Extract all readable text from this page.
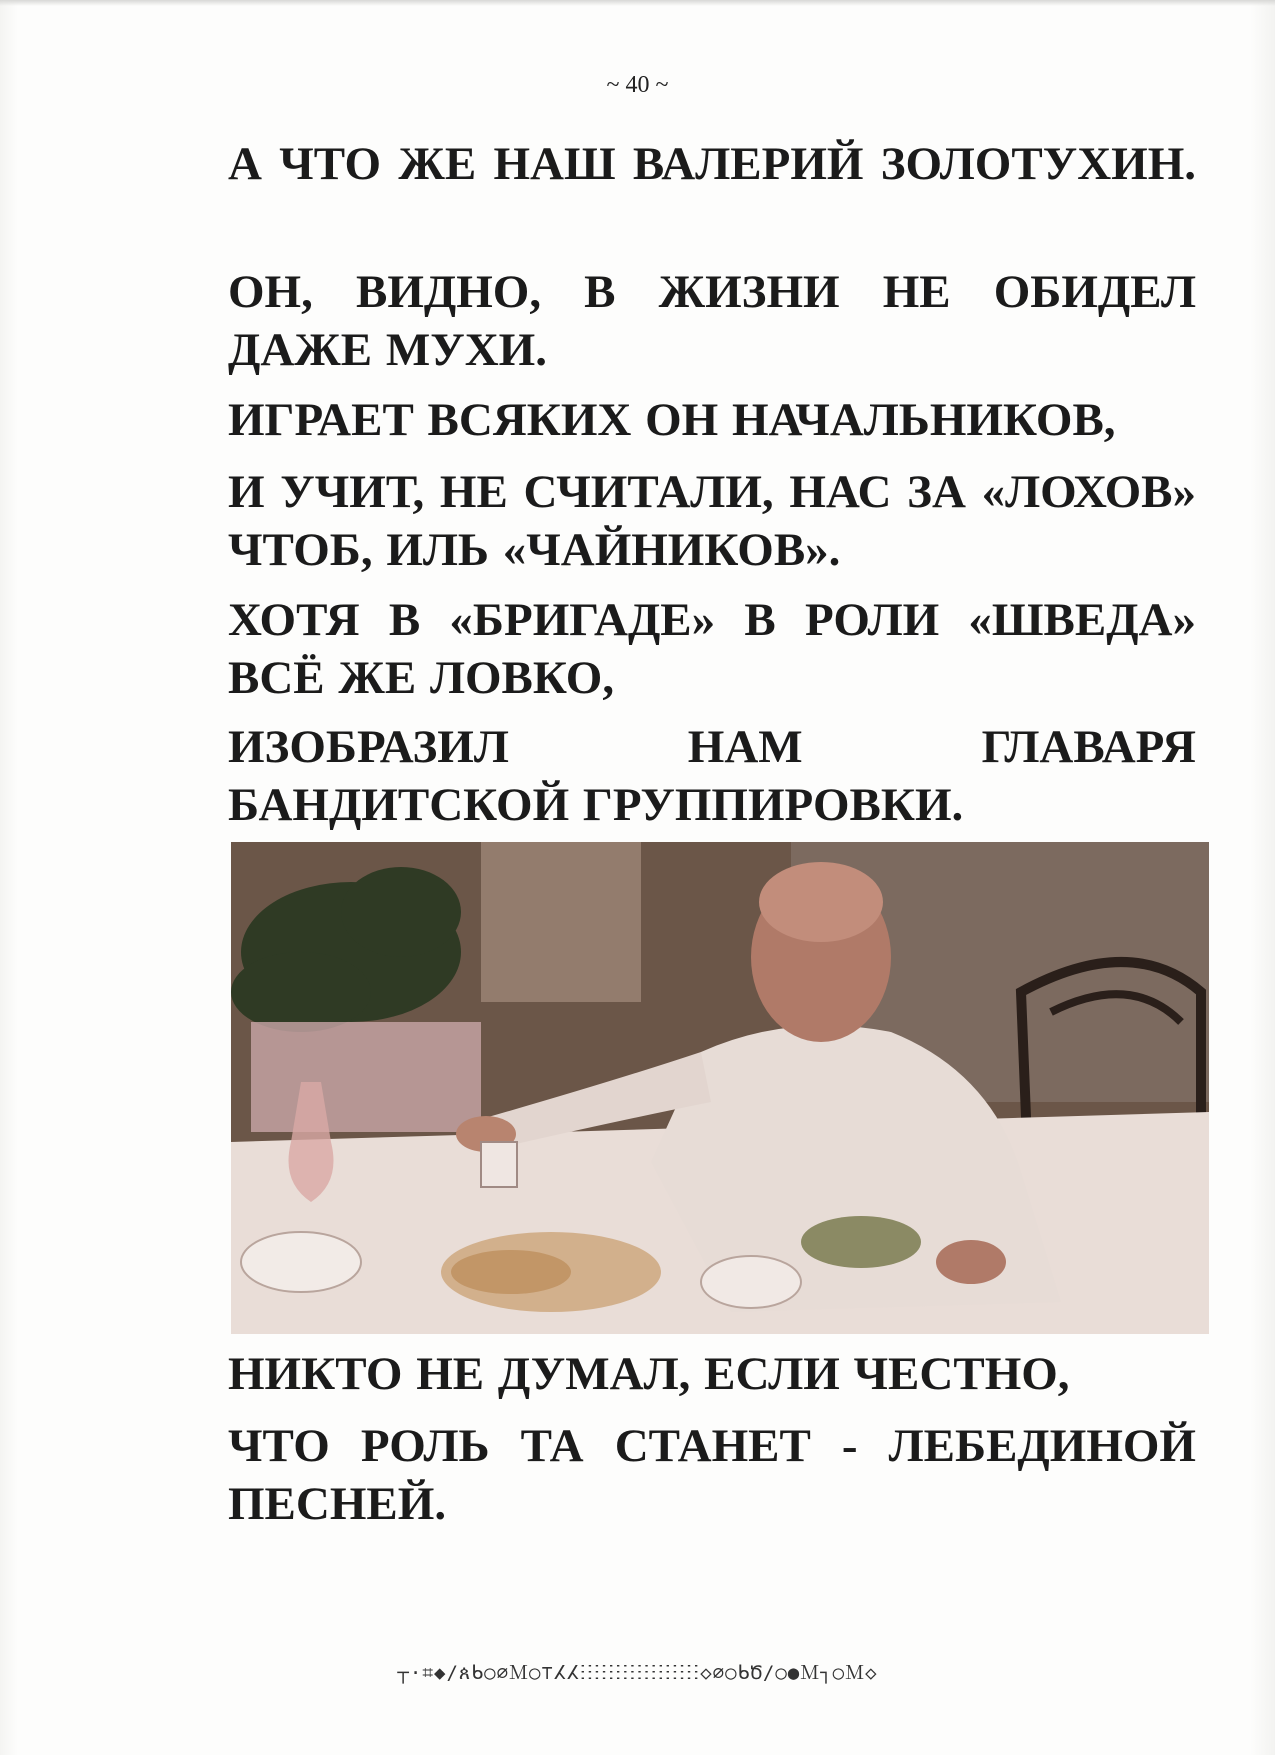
~ 40 ~

А ЧТО ЖЕ НАШ ВАЛЕРИЙ ЗОЛОТУХИН.

ОН, ВИДНО, В ЖИЗНИ НЕ ОБИДЕЛ ДАЖЕ МУХИ.

ИГРАЕТ ВСЯКИХ ОН НАЧАЛЬНИКОВ,

И УЧИТ, НЕ СЧИТАЛИ, НАС ЗА «ЛОХОВ» ЧТОБ, ИЛЬ «ЧАЙНИКОВ».

ХОТЯ В «БРИГАДЕ» В РОЛИ «ШВЕДА» ВСЁ ЖЕ ЛОВКО,

ИЗОБРАЗИЛ НАМ ГЛАВАРЯ БАНДИТСКОЙ ГРУППИРОВКИ.

НИКТО НЕ ДУМАЛ, ЕСЛИ ЧЕСТНО,

ЧТО РОЛЬ ТА СТАНЕТ - ЛЕБЕДИНОЙ ПЕСНЕЙ.

┬·⌗◆/ጰᑲ○⌀Ｍ○⊤ⵃⵃⵗⵗⵗⵗⵗⵗⵗⵗⵗⵗⵗⵗⵗⵗⵗⵗⵗ◇∅○ᑲԾ/○●Ｍ┐○Ｍ◇
